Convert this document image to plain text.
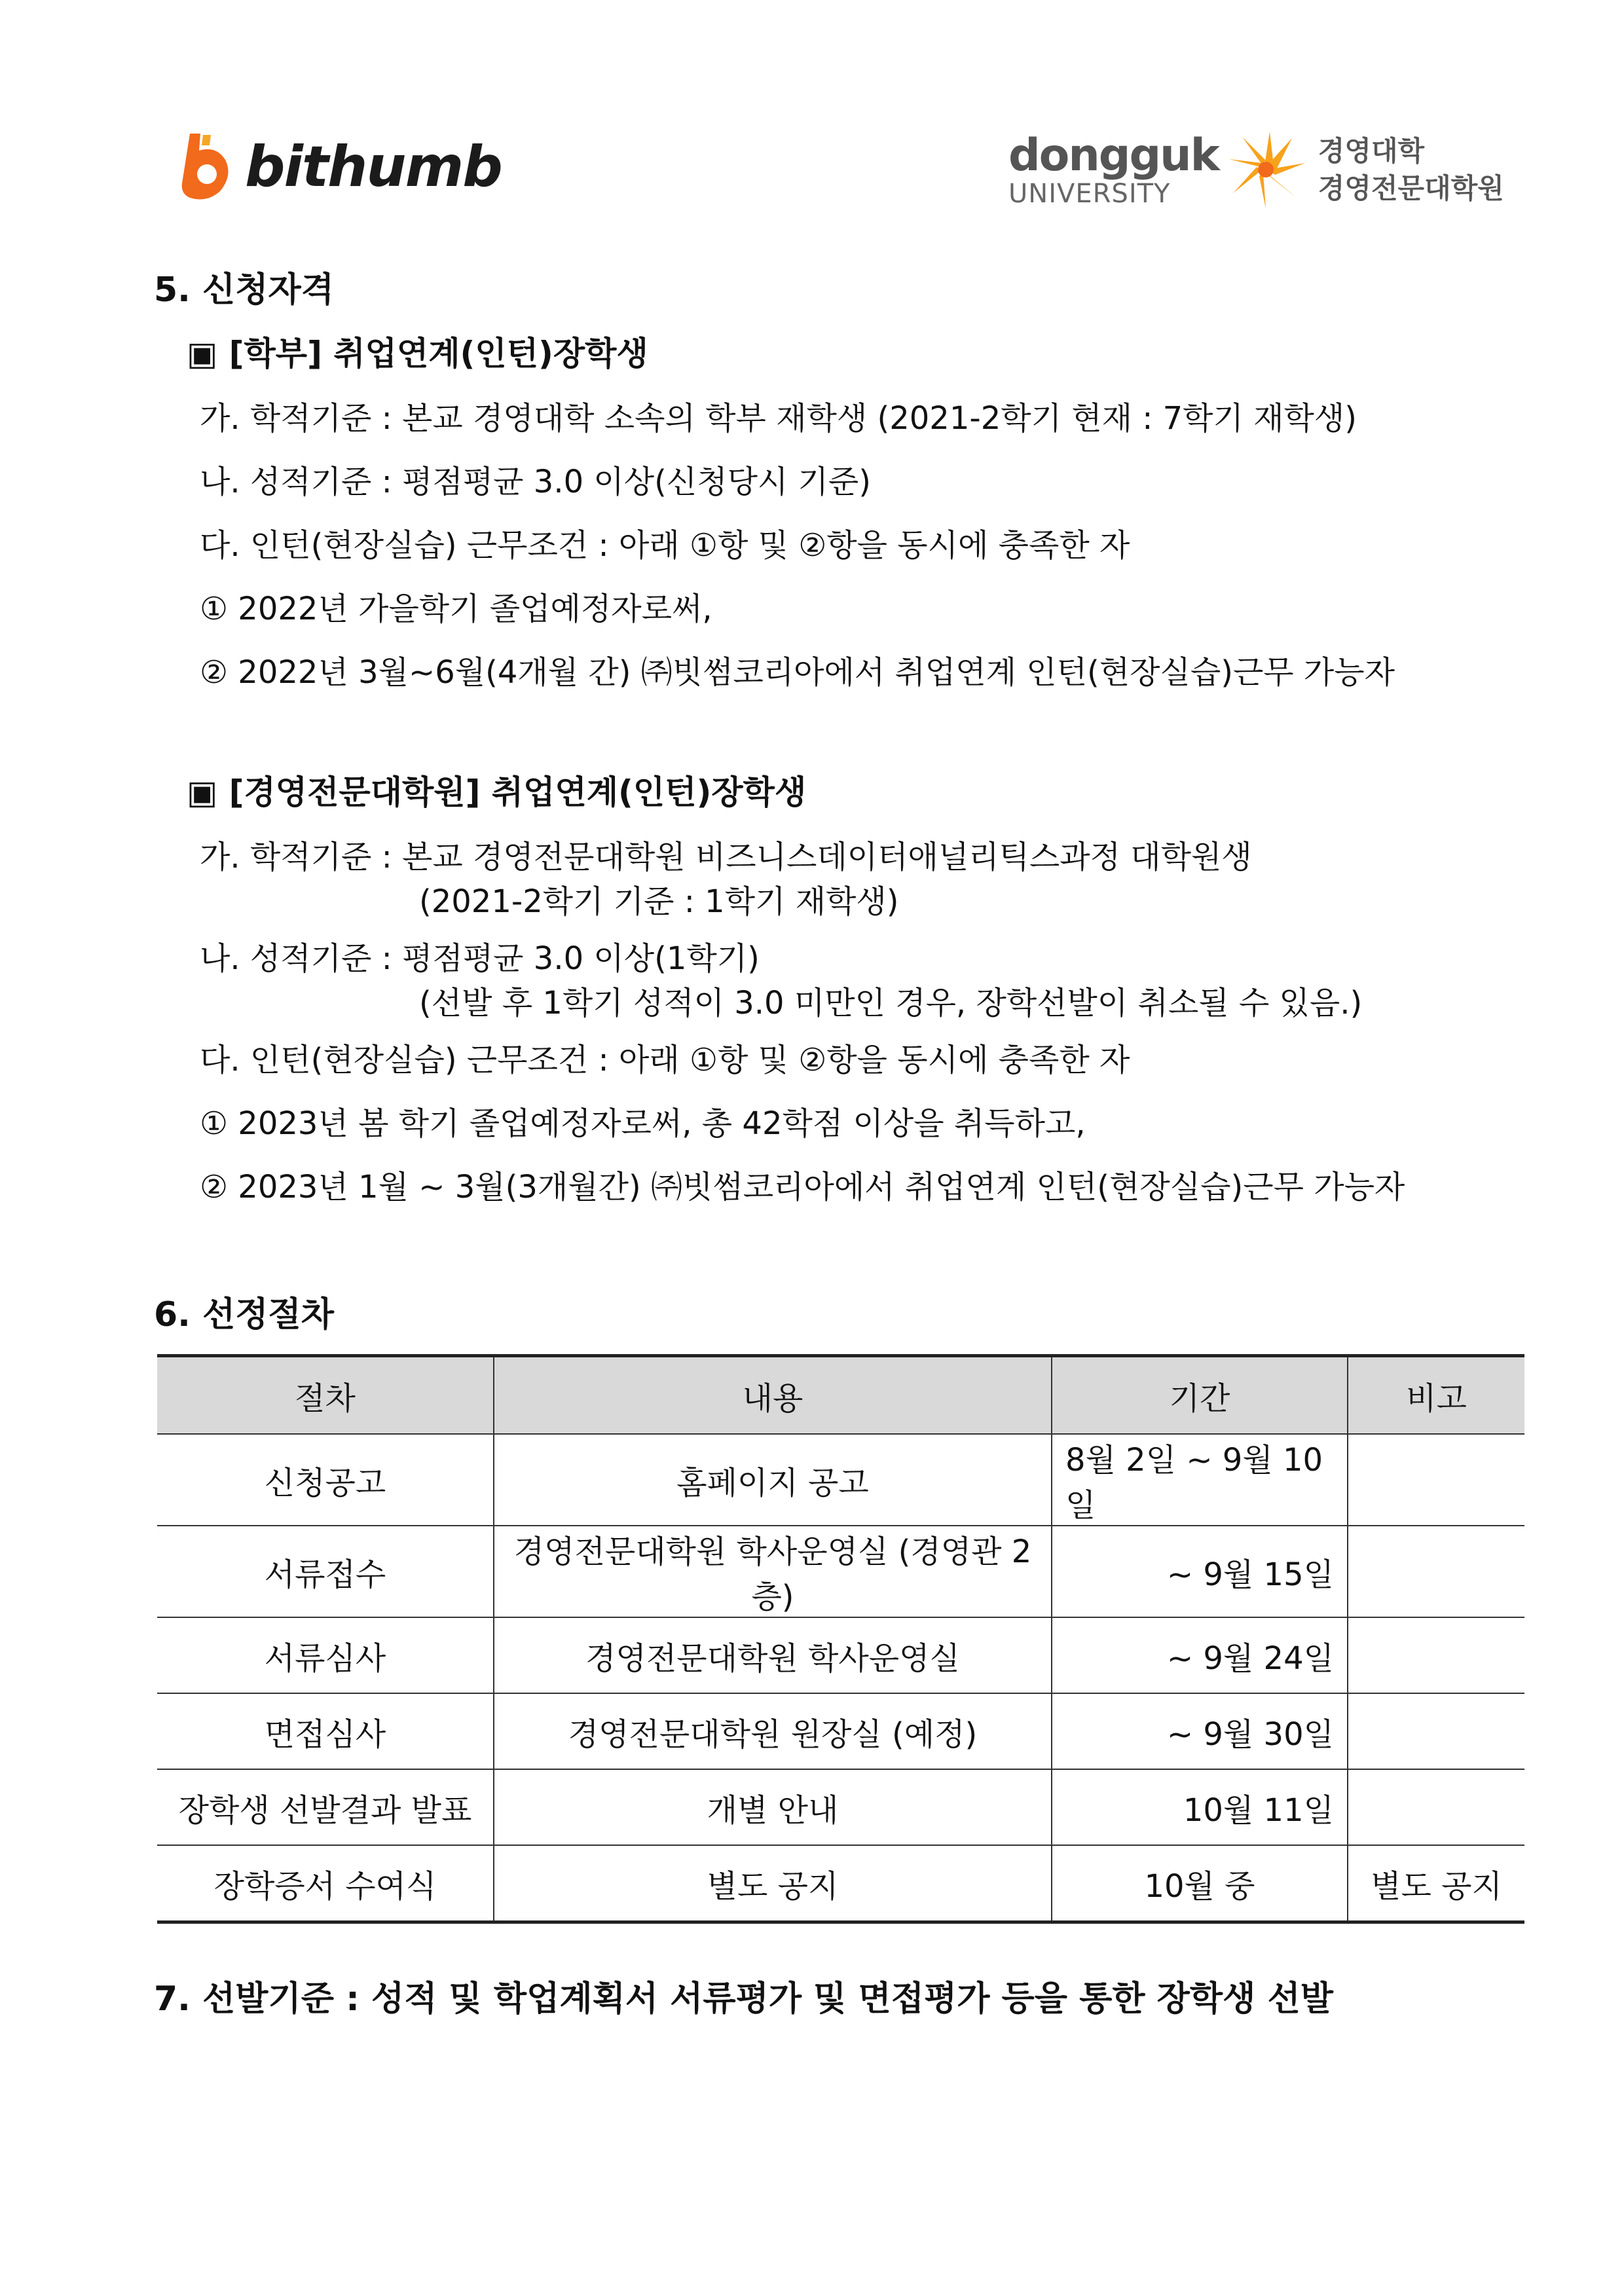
bithumb	dongguk
UNIVERSITY
경영대학
경영전문대학원
5. 신청자격
▣ [학부] 취업연계(인턴)장학생
가. 학적기준 : 본교 경영대학 소속의 학부 재학생 (2021-2학기 현재 : 7학기 재학생)
나. 성적기준 : 평점평균 3.0 이상(신청당시 기준)
다. 인턴(현장실습) 근무조건 : 아래 ①항 및 ②항을 동시에 충족한 자
① 2022년 가을학기 졸업예정자로써,
② 2022년 3월~6월(4개월 간) ㈜빗썸코리아에서 취업연계 인턴(현장실습)근무 가능자
▣ [경영전문대학원] 취업연계(인턴)장학생
가. 학적기준 : 본교 경영전문대학원 비즈니스데이터애널리틱스과정 대학원생
(2021-2학기 기준 : 1학기 재학생)
나. 성적기준 : 평점평균 3.0 이상(1학기)
(선발 후 1학기 성적이 3.0 미만인 경우, 장학선발이 취소될 수 있음.)
다. 인턴(현장실습) 근무조건 : 아래 ①항 및 ②항을 동시에 충족한 자
① 2023년 봄 학기 졸업예정자로써, 총 42학점 이상을 취득하고,
② 2023년 1월 ~ 3월(3개월간) ㈜빗썸코리아에서 취업연계 인턴(현장실습)근무 가능자
6. 선정절차
절차	내용	기간	비고
신청공고	홈페이지 공고	8월 2일 ~ 9월 10일	
서류접수	경영전문대학원 학사운영실 (경영관 2층)	~ 9월 15일	
서류심사	경영전문대학원 학사운영실	~ 9월 24일	
면접심사	경영전문대학원 원장실 (예정)	~ 9월 30일	
장학생 선발결과 발표	개별 안내	10월 11일	
장학증서 수여식	별도 공지	10월 중	별도 공지
7. 선발기준 : 성적 및 학업계획서 서류평가 및 면접평가 등을 통한 장학생 선발
